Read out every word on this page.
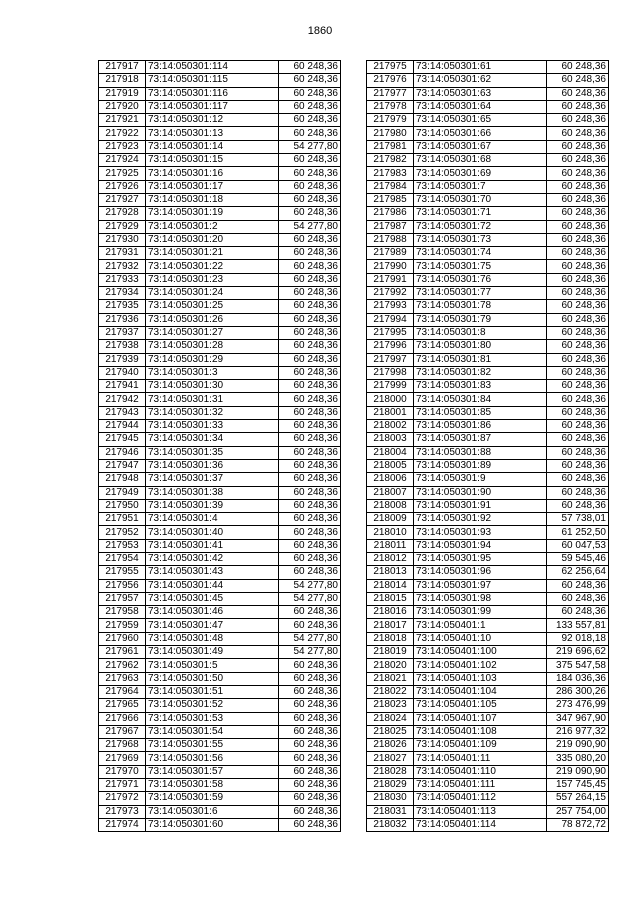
1860
217917	73:14:050301:114	60 248,36
217918	73:14:050301:115	60 248,36
217919	73:14:050301:116	60 248,36
217920	73:14:050301:117	60 248,36
217921	73:14:050301:12	60 248,36
217922	73:14:050301:13	60 248,36
217923	73:14:050301:14	54 277,80
217924	73:14:050301:15	60 248,36
217925	73:14:050301:16	60 248,36
217926	73:14:050301:17	60 248,36
217927	73:14:050301:18	60 248,36
217928	73:14:050301:19	60 248,36
217929	73:14:050301:2	54 277,80
217930	73:14:050301:20	60 248,36
217931	73:14:050301:21	60 248,36
217932	73:14:050301:22	60 248,36
217933	73:14:050301:23	60 248,36
217934	73:14:050301:24	60 248,36
217935	73:14:050301:25	60 248,36
217936	73:14:050301:26	60 248,36
217937	73:14:050301:27	60 248,36
217938	73:14:050301:28	60 248,36
217939	73:14:050301:29	60 248,36
217940	73:14:050301:3	60 248,36
217941	73:14:050301:30	60 248,36
217942	73:14:050301:31	60 248,36
217943	73:14:050301:32	60 248,36
217944	73:14:050301:33	60 248,36
217945	73:14:050301:34	60 248,36
217946	73:14:050301:35	60 248,36
217947	73:14:050301:36	60 248,36
217948	73:14:050301:37	60 248,36
217949	73:14:050301:38	60 248,36
217950	73:14:050301:39	60 248,36
217951	73:14:050301:4	60 248,36
217952	73:14:050301:40	60 248,36
217953	73:14:050301:41	60 248,36
217954	73:14:050301:42	60 248,36
217955	73:14:050301:43	60 248,36
217956	73:14:050301:44	54 277,80
217957	73:14:050301:45	54 277,80
217958	73:14:050301:46	60 248,36
217959	73:14:050301:47	60 248,36
217960	73:14:050301:48	54 277,80
217961	73:14:050301:49	54 277,80
217962	73:14:050301:5	60 248,36
217963	73:14:050301:50	60 248,36
217964	73:14:050301:51	60 248,36
217965	73:14:050301:52	60 248,36
217966	73:14:050301:53	60 248,36
217967	73:14:050301:54	60 248,36
217968	73:14:050301:55	60 248,36
217969	73:14:050301:56	60 248,36
217970	73:14:050301:57	60 248,36
217971	73:14:050301:58	60 248,36
217972	73:14:050301:59	60 248,36
217973	73:14:050301:6	60 248,36
217974	73:14:050301:60	60 248,36
217975	73:14:050301:61	60 248,36
217976	73:14:050301:62	60 248,36
217977	73:14:050301:63	60 248,36
217978	73:14:050301:64	60 248,36
217979	73:14:050301:65	60 248,36
217980	73:14:050301:66	60 248,36
217981	73:14:050301:67	60 248,36
217982	73:14:050301:68	60 248,36
217983	73:14:050301:69	60 248,36
217984	73:14:050301:7	60 248,36
217985	73:14:050301:70	60 248,36
217986	73:14:050301:71	60 248,36
217987	73:14:050301:72	60 248,36
217988	73:14:050301:73	60 248,36
217989	73:14:050301:74	60 248,36
217990	73:14:050301:75	60 248,36
217991	73:14:050301:76	60 248,36
217992	73:14:050301:77	60 248,36
217993	73:14:050301:78	60 248,36
217994	73:14:050301:79	60 248,36
217995	73:14:050301:8	60 248,36
217996	73:14:050301:80	60 248,36
217997	73:14:050301:81	60 248,36
217998	73:14:050301:82	60 248,36
217999	73:14:050301:83	60 248,36
218000	73:14:050301:84	60 248,36
218001	73:14:050301:85	60 248,36
218002	73:14:050301:86	60 248,36
218003	73:14:050301:87	60 248,36
218004	73:14:050301:88	60 248,36
218005	73:14:050301:89	60 248,36
218006	73:14:050301:9	60 248,36
218007	73:14:050301:90	60 248,36
218008	73:14:050301:91	60 248,36
218009	73:14:050301:92	57 738,01
218010	73:14:050301:93	61 252,50
218011	73:14:050301:94	60 047,53
218012	73:14:050301:95	59 545,46
218013	73:14:050301:96	62 256,64
218014	73:14:050301:97	60 248,36
218015	73:14:050301:98	60 248,36
218016	73:14:050301:99	60 248,36
218017	73:14:050401:1	133 557,81
218018	73:14:050401:10	92 018,18
218019	73:14:050401:100	219 696,62
218020	73:14:050401:102	375 547,58
218021	73:14:050401:103	184 036,36
218022	73:14:050401:104	286 300,26
218023	73:14:050401:105	273 476,99
218024	73:14:050401:107	347 967,90
218025	73:14:050401:108	216 977,32
218026	73:14:050401:109	219 090,90
218027	73:14:050401:11	335 080,20
218028	73:14:050401:110	219 090,90
218029	73:14:050401:111	157 745,45
218030	73:14:050401:112	557 264,15
218031	73:14:050401:113	257 754,00
218032	73:14:050401:114	78 872,72
